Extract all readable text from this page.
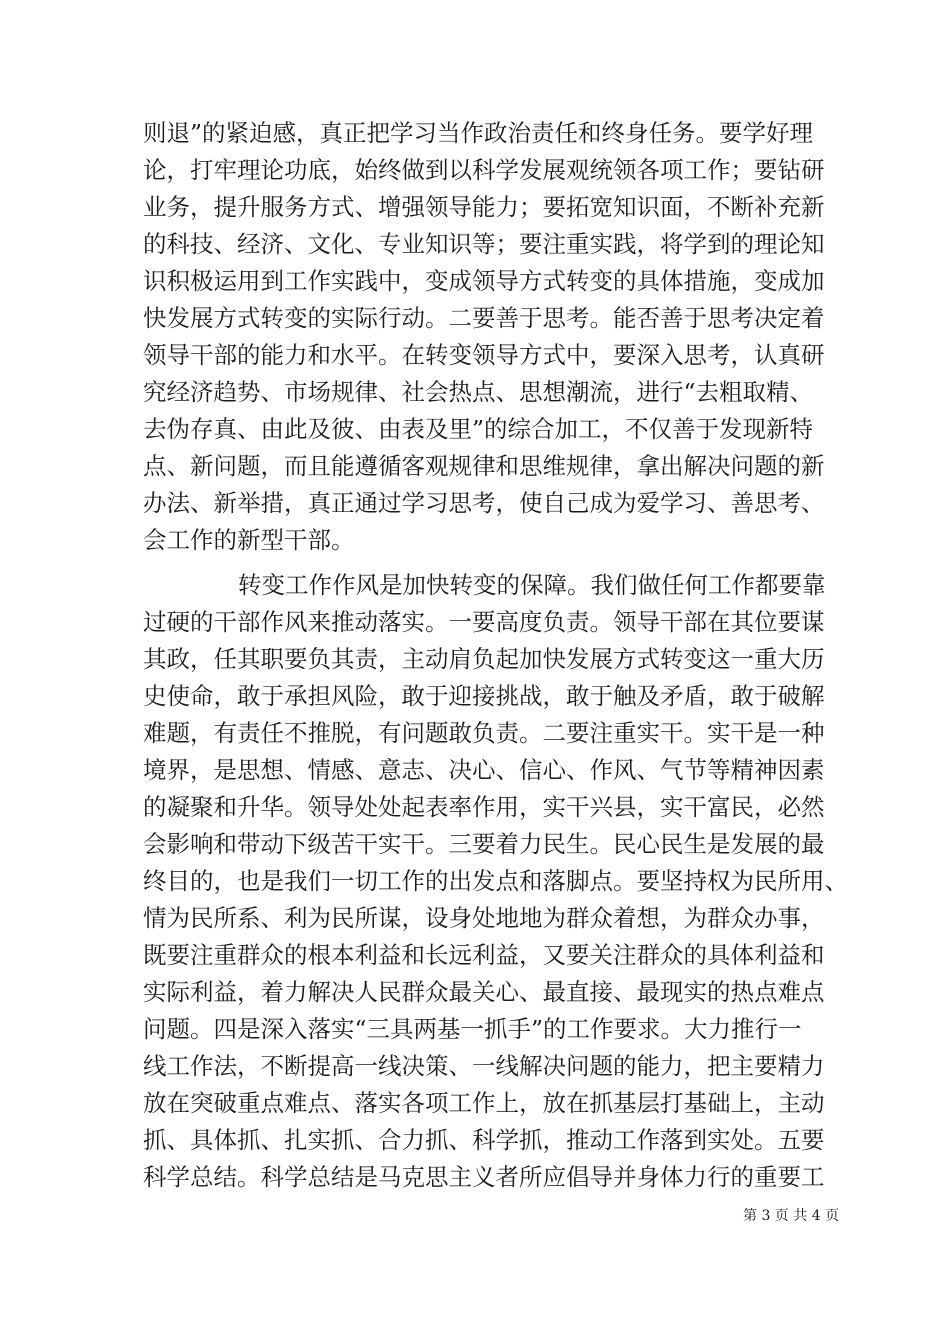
则退”的紧迫感，真正把学习当作政治责任和终身任务。要学好理
论，打牢理论功底，始终做到以科学发展观统领各项工作；要钻研
业务，提升服务方式、增强领导能力；要拓宽知识面，不断补充新
的科技、经济、文化、专业知识等；要注重实践，将学到的理论知
识积极运用到工作实践中，变成领导方式转变的具体措施，变成加
快发展方式转变的实际行动。二要善于思考。能否善于思考决定着
领导干部的能力和水平。在转变领导方式中，要深入思考，认真研
究经济趋势、市场规律、社会热点、思想潮流，进行“去粗取精、
去伪存真、由此及彼、由表及里”的综合加工，不仅善于发现新特
点、新问题，而且能遵循客观规律和思维规律，拿出解决问题的新
办法、新举措，真正通过学习思考，使自己成为爱学习、善思考、
会工作的新型干部。
转变工作作风是加快转变的保障。我们做任何工作都要靠
过硬的干部作风来推动落实。一要高度负责。领导干部在其位要谋
其政，任其职要负其责，主动肩负起加快发展方式转变这一重大历
史使命，敢于承担风险，敢于迎接挑战，敢于触及矛盾，敢于破解
难题，有责任不推脱，有问题敢负责。二要注重实干。实干是一种
境界，是思想、情感、意志、决心、信心、作风、气节等精神因素
的凝聚和升华。领导处处起表率作用，实干兴县，实干富民，必然
会影响和带动下级苦干实干。三要着力民生。民心民生是发展的最
终目的，也是我们一切工作的出发点和落脚点。要坚持权为民所用、
情为民所系、利为民所谋，设身处地地为群众着想，为群众办事，
既要注重群众的根本利益和长远利益，又要关注群众的具体利益和
实际利益，着力解决人民群众最关心、最直接、最现实的热点难点
问题。四是深入落实“三具两基一抓手”的工作要求。大力推行一
线工作法，不断提高一线决策、一线解决问题的能力，把主要精力
放在突破重点难点、落实各项工作上，放在抓基层打基础上，主动
抓、具体抓、扎实抓、合力抓、科学抓，推动工作落到实处。五要
科学总结。科学总结是马克思主义者所应倡导并身体力行的重要工
第 3 页 共 4 页
